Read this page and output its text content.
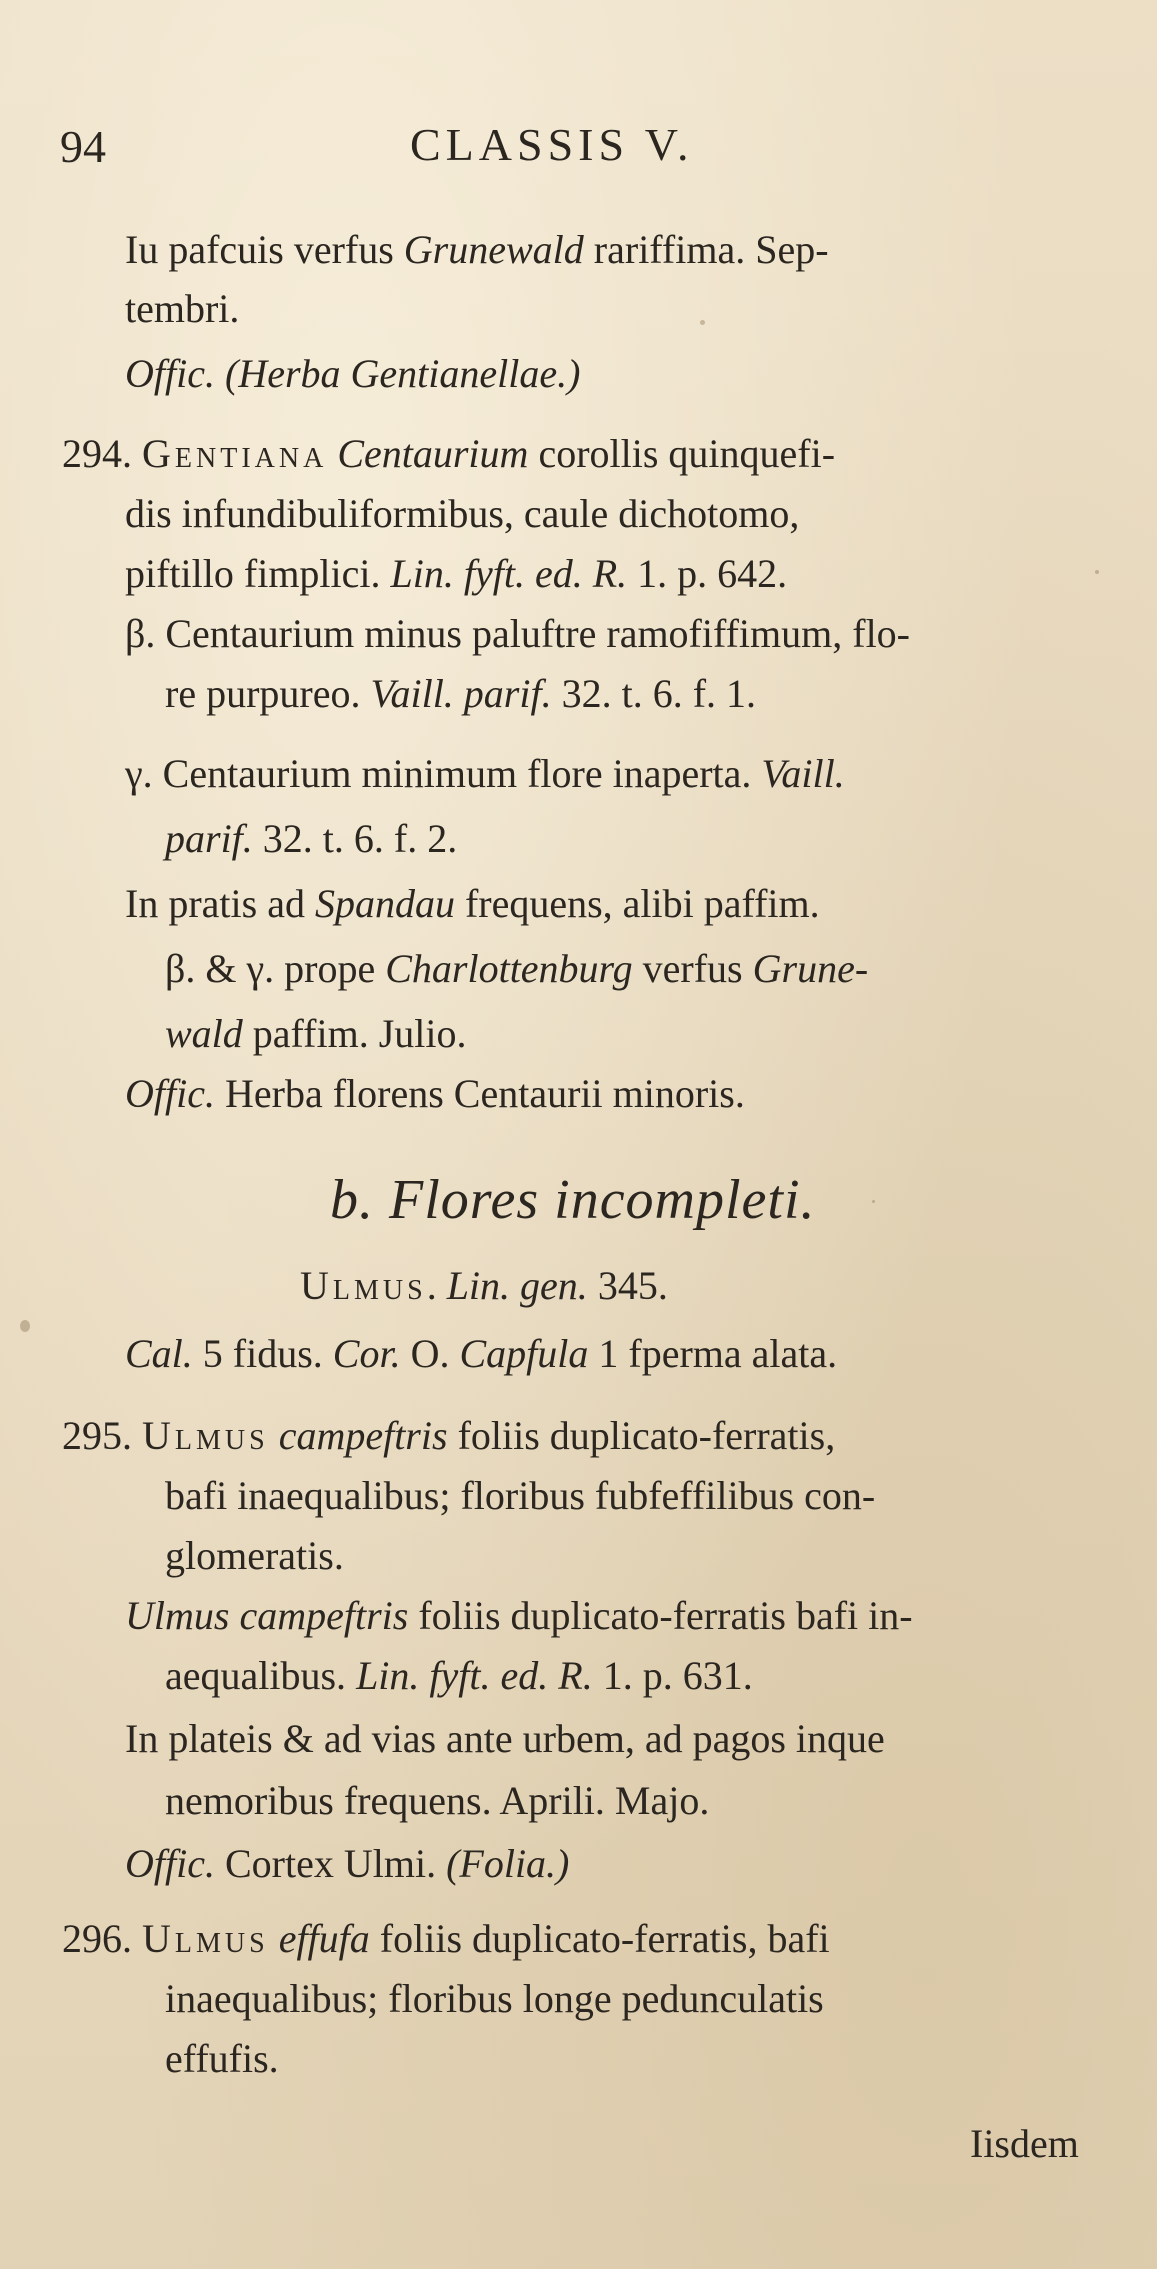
94	CLASSIS V.
Iu pafcuis verfus Grunewald rariffima. Sep-
tembri.
Offic. (Herba Gentianellae.)
294. Gentiana Centaurium corollis quinquefi-
dis infundibuliformibus, caule dichotomo,
piftillo fimplici. Lin. fyft. ed. R. 1. p. 642.
β. Centaurium minus paluftre ramofiffimum, flo-
re purpureo. Vaill. parif. 32. t. 6. f. 1.
γ. Centaurium minimum flore inaperta. Vaill.
parif. 32. t. 6. f. 2.
In pratis ad Spandau frequens, alibi paffim.
β. & γ. prope Charlottenburg verfus Grune-
wald paffim. Julio.
Offic. Herba florens Centaurii minoris.
Ulmus. Lin. gen. 345.
Cal. 5 fidus. Cor. O. Capfula 1 fperma alata.
295. Ulmus campeftris foliis duplicato-ferratis,
bafi inaequalibus; floribus fubfeffilibus con-
glomeratis.
Ulmus campeftris foliis duplicato-ferratis bafi in-
aequalibus. Lin. fyft. ed. R. 1. p. 631.
In plateis & ad vias ante urbem, ad pagos inque
nemoribus frequens. Aprili. Majo.
Offic. Cortex Ulmi. (Folia.)
296. Ulmus effufa foliis duplicato-ferratis, bafi
inaequalibus; floribus longe pedunculatis
effufis.
b. Flores incompleti.
Iisdem
